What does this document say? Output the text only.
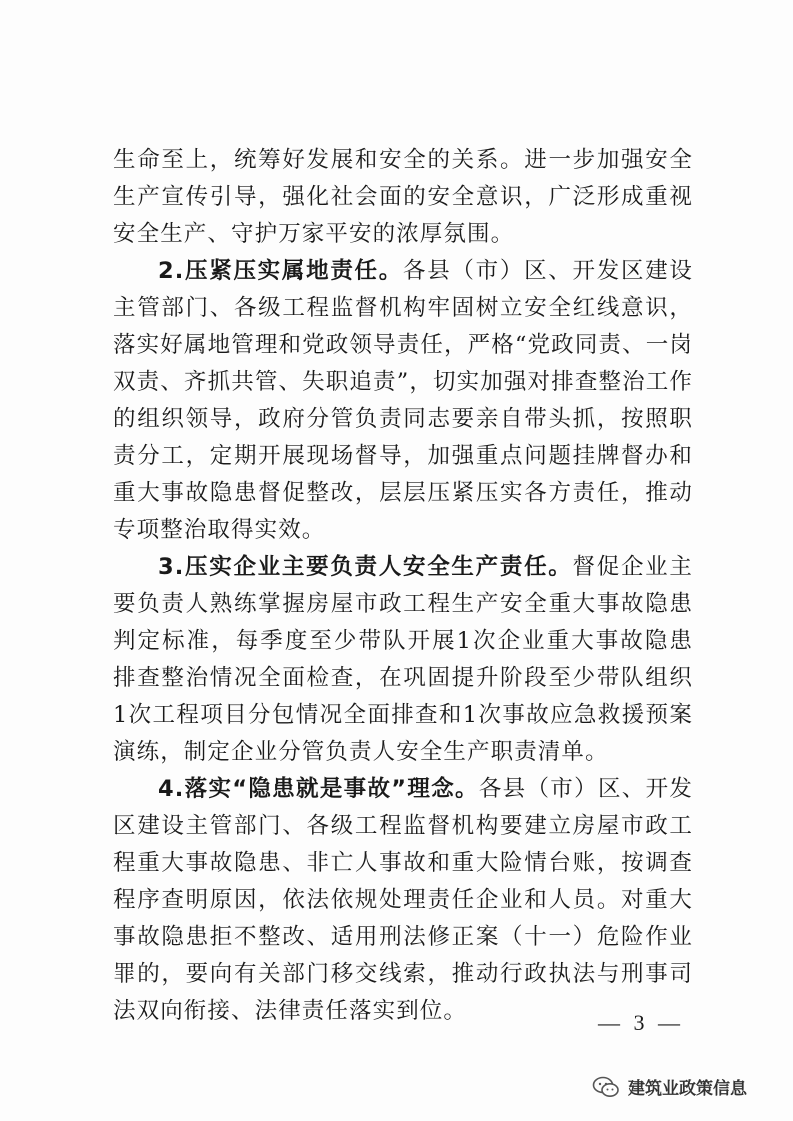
生命至上，统筹好发展和安全的关系。进一步加强安全生产宣传引导，强化社会面的安全意识，广泛形成重视安全生产、守护万家平安的浓厚氛围。

2.压紧压实属地责任。各县（市）区、开发区建设主管部门、各级工程监督机构牢固树立安全红线意识，落实好属地管理和党政领导责任，严格“党政同责、一岗双责、齐抓共管、失职追责”，切实加强对排查整治工作的组织领导，政府分管负责同志要亲自带头抓，按照职责分工，定期开展现场督导，加强重点问题挂牌督办和重大事故隐患督促整改，层层压紧压实各方责任，推动专项整治取得实效。

3.压实企业主要负责人安全生产责任。督促企业主要负责人熟练掌握房屋市政工程生产安全重大事故隐患判定标准，每季度至少带队开展1次企业重大事故隐患排查整治情况全面检查，在巩固提升阶段至少带队组织1次工程项目分包情况全面排查和1次事故应急救援预案演练，制定企业分管负责人安全生产职责清单。

4.落实“隐患就是事故”理念。各县（市）区、开发区建设主管部门、各级工程监督机构要建立房屋市政工程重大事故隐患、非亡人事故和重大险情台账，按调查程序查明原因，依法依规处理责任企业和人员。对重大事故隐患拒不整改、适用刑法修正案（十一）危险作业罪的，要向有关部门移交线索，推动行政执法与刑事司法双向衔接、法律责任落实到位。	— 3 —
建筑业政策信息
